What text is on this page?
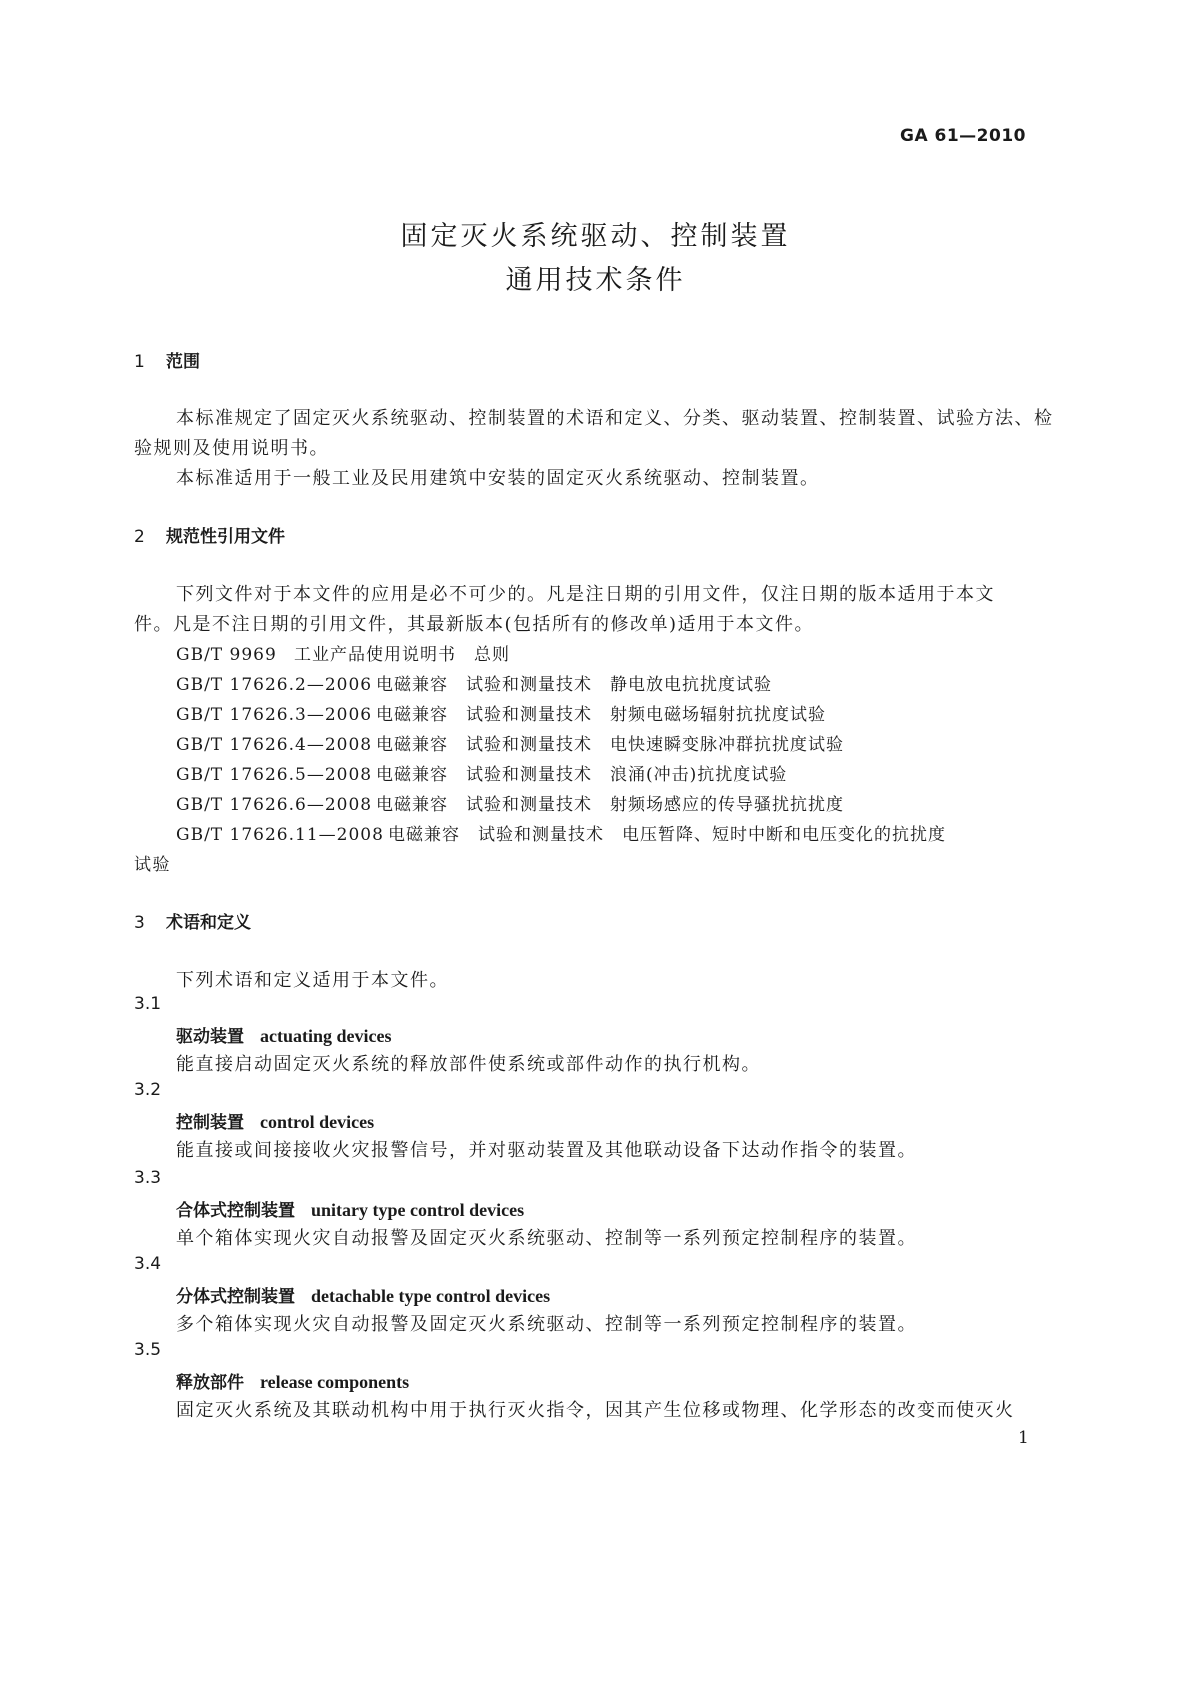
GA 61—2010
固定灭火系统驱动、控制装置
通用技术条件
1 范围
本标准规定了固定灭火系统驱动、控制装置的术语和定义、分类、驱动装置、控制装置、试验方法、检
验规则及使用说明书。
本标准适用于一般工业及民用建筑中安装的固定灭火系统驱动、控制装置。
2 规范性引用文件
下列文件对于本文件的应用是必不可少的。凡是注日期的引用文件，仅注日期的版本适用于本文
件。凡是不注日期的引用文件，其最新版本(包括所有的修改单)适用于本文件。
GB/T 9969 工业产品使用说明书　总则
GB/T 17626.2—2006 电磁兼容　试验和测量技术　静电放电抗扰度试验
GB/T 17626.3—2006 电磁兼容　试验和测量技术　射频电磁场辐射抗扰度试验
GB/T 17626.4—2008 电磁兼容　试验和测量技术　电快速瞬变脉冲群抗扰度试验
GB/T 17626.5—2008 电磁兼容　试验和测量技术　浪涌(冲击)抗扰度试验
GB/T 17626.6—2008 电磁兼容　试验和测量技术　射频场感应的传导骚扰抗扰度
GB/T 17626.11—2008 电磁兼容　试验和测量技术　电压暂降、短时中断和电压变化的抗扰度
试验
3 术语和定义
下列术语和定义适用于本文件。
3.1
驱动装置 actuating devices
能直接启动固定灭火系统的释放部件使系统或部件动作的执行机构。
3.2
控制装置 control devices
能直接或间接接收火灾报警信号，并对驱动装置及其他联动设备下达动作指令的装置。
3.3
合体式控制装置 unitary type control devices
单个箱体实现火灾自动报警及固定灭火系统驱动、控制等一系列预定控制程序的装置。
3.4
分体式控制装置 detachable type control devices
多个箱体实现火灾自动报警及固定灭火系统驱动、控制等一系列预定控制程序的装置。
3.5
释放部件 release components
固定灭火系统及其联动机构中用于执行灭火指令，因其产生位移或物理、化学形态的改变而使灭火
1
